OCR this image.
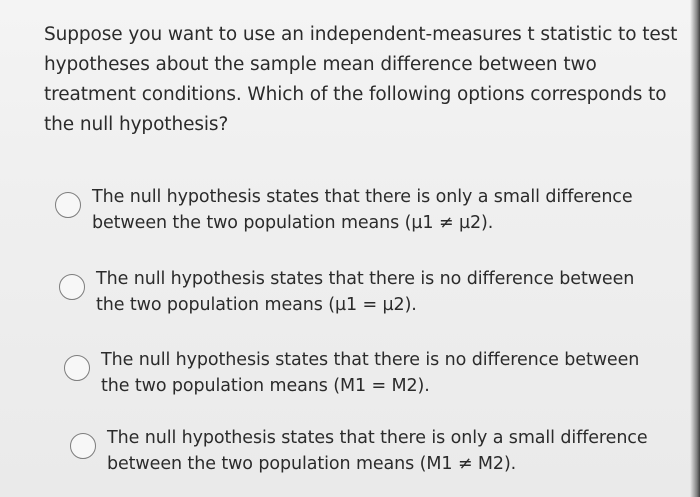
Suppose you want to use an independent-measures t statistic to test hypotheses about the sample mean difference between two treatment conditions. Which of the following options corresponds to the null hypothesis?

The null hypothesis states that there is only a small difference between the two population means (µ1 ≠ µ2).

The null hypothesis states that there is no difference between the two population means (µ1 = µ2).

The null hypothesis states that there is no difference between the two population means (M1 = M2).

The null hypothesis states that there is only a small difference between the two population means (M1 ≠ M2).
